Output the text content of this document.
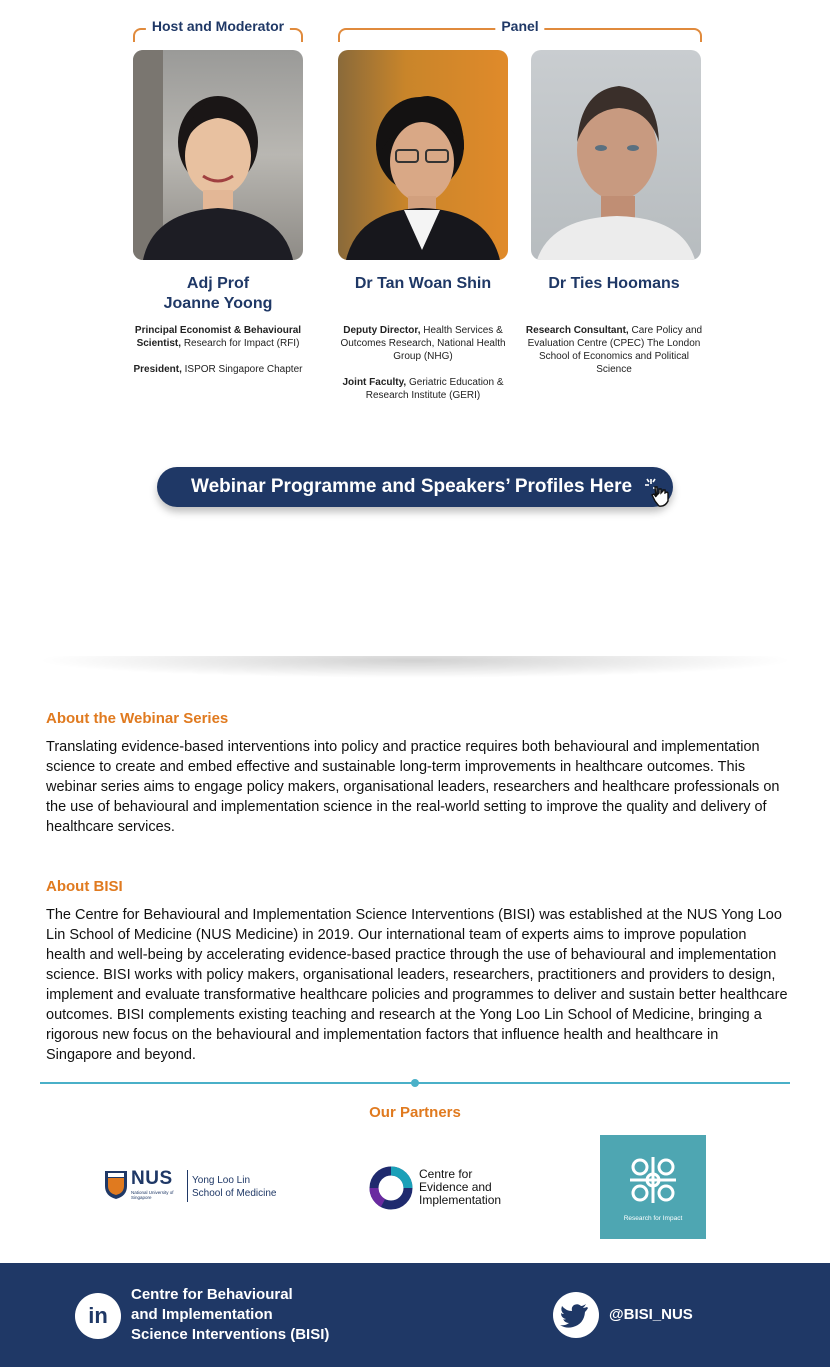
Host and Moderator	Panel
Adj Prof
Joanne Yoong
Dr Tan Woan Shin	Dr Ties Hoomans
Principal Economist & Behavioural Scientist, Research for Impact (RFI)
President, ISPOR Singapore Chapter
Deputy Director, Health Services & Outcomes Research, National Health Group (NHG)
Joint Faculty, Geriatric Education & Research Institute (GERI)
Research Consultant, Care Policy and Evaluation Centre (CPEC) The London School of Economics and Political Science
Webinar Programme and Speakers’ Profiles Here
About the Webinar Series
Translating evidence-based interventions into policy and practice requires both behavioural and implementation science to create and embed effective and sustainable long-term improvements in healthcare outcomes. This webinar series aims to engage policy makers, organisational leaders, researchers and healthcare professionals on the use of behavioural and implementation science in the real-world setting to improve the quality and delivery of healthcare services.
About BISI
The Centre for Behavioural and Implementation Science Interventions (BISI) was established at the NUS Yong Loo Lin School of Medicine (NUS Medicine) in 2019. Our international team of experts aims to improve population health and well-being by accelerating evidence-based practice through the use of behavioural and implementation science. BISI works with policy makers, organisational leaders, researchers, practitioners and providers to design, implement and evaluate transformative healthcare policies and programmes to deliver and sustain better healthcare outcomes. BISI complements existing teaching and research at the Yong Loo Lin School of Medicine, bringing a rigorous new focus on the behavioural and implementation factors that influence health and healthcare in Singapore and beyond.
Our Partners
NUS
National University of Singapore
Yong Loo Lin
School of Medicine
Centre for
Evidence and
Implementation
Research for Impact
in
Centre for Behavioural
and Implementation
Science Interventions (BISI)
@BISI_NUS
